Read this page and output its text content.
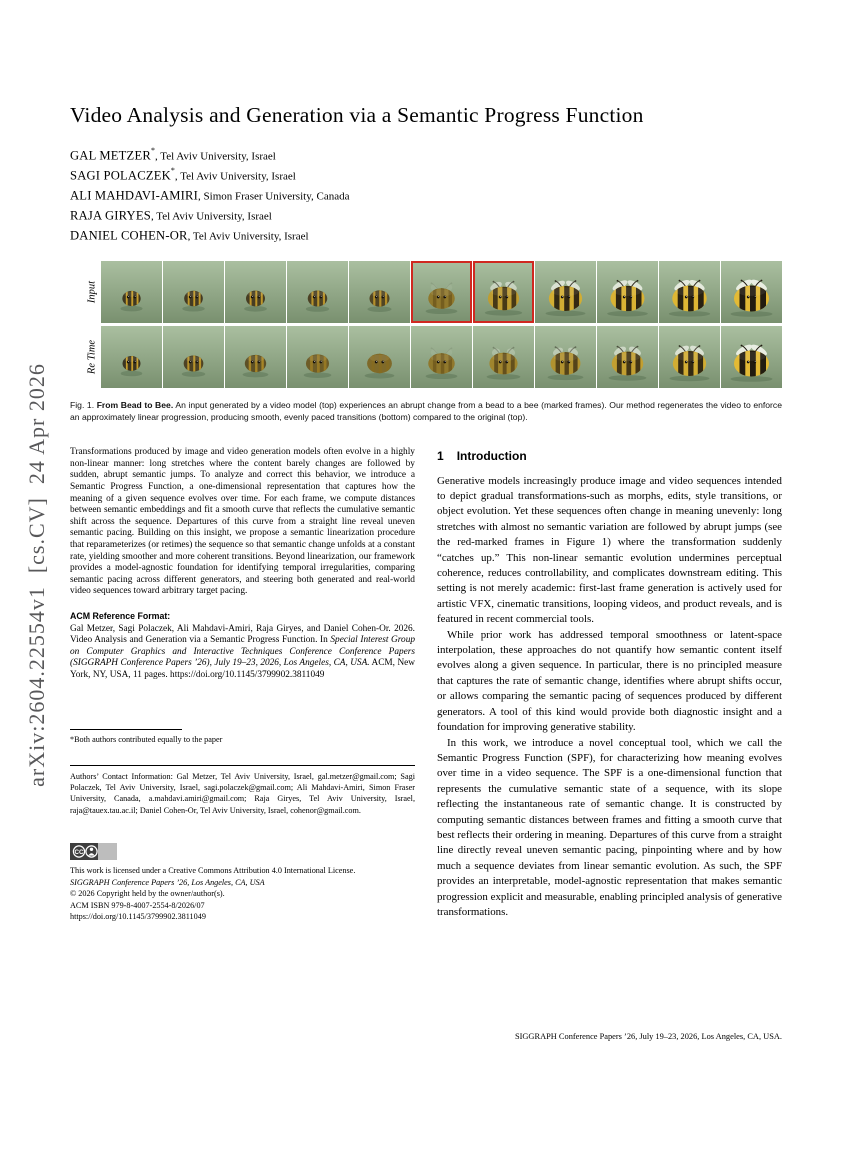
arXiv:2604.22554v1  [cs.CV]  24 Apr 2026
Video Analysis and Generation via a Semantic Progress Function
GAL METZER*, Tel Aviv University, Israel
SAGI POLACZEK*, Tel Aviv University, Israel
ALI MAHDAVI-AMIRI, Simon Fraser University, Canada
RAJA GIRYES, Tel Aviv University, Israel
DANIEL COHEN-OR, Tel Aviv University, Israel
Input
Re Time

Fig. 1. From Bead to Bee. An input generated by a video model (top) experiences an abrupt change from a bead to a bee (marked frames). Our method regenerates the video to enforce an approximately linear progression, producing smooth, evenly paced transitions (bottom) compared to the original (top).

Transformations produced by image and video generation models often evolve in a highly non-linear manner: long stretches where the content barely changes are followed by sudden, abrupt semantic jumps. To analyze and correct this behavior, we introduce a Semantic Progress Function, a one-dimensional representation that captures how the meaning of a given sequence evolves over time. For each frame, we compute distances between semantic embeddings and fit a smooth curve that reflects the cumulative semantic shift across the sequence. Departures of this curve from a straight line reveal uneven semantic pacing. Building on this insight, we propose a semantic linearization procedure that reparameterizes (or retimes) the sequence so that semantic change unfolds at a constant rate, yielding smoother and more coherent transitions. Beyond linearization, our framework provides a model-agnostic foundation for identifying temporal irregularities, comparing semantic pacing across different generators, and steering both generated and real-world video sequences toward arbitrary target pacing.

ACM Reference Format:

Gal Metzer, Sagi Polaczek, Ali Mahdavi-Amiri, Raja Giryes, and Daniel Cohen-Or. 2026. Video Analysis and Generation via a Semantic Progress Function. In Special Interest Group on Computer Graphics and Interactive Techniques Conference Conference Papers (SIGGRAPH Conference Papers ’26), July 19–23, 2026, Los Angeles, CA, USA. ACM, New York, NY, USA, 11 pages. https://doi.org/10.1145/3799902.3811049

*Both authors contributed equally to the paper

Authors’ Contact Information: Gal Metzer, Tel Aviv University, Israel, gal.metzer@gmail.com; Sagi Polaczek, Tel Aviv University, Israel, sagi.polaczek@gmail.com; Ali Mahdavi-Amiri, Simon Fraser University, Canada, a.mahdavi.amiri@gmail.com; Raja Giryes, Tel Aviv University, Israel, raja@tauex.tau.ac.il; Daniel Cohen-Or, Tel Aviv University, Israel, cohenor@gmail.com.

CC

This work is licensed under a Creative Commons Attribution 4.0 International License.

SIGGRAPH Conference Papers ’26, Los Angeles, CA, USA

© 2026 Copyright held by the owner/author(s).

ACM ISBN 979-8-4007-2554-8/2026/07

https://doi.org/10.1145/3799902.3811049

1 Introduction

Generative models increasingly produce image and video sequences intended to depict gradual transformations-such as morphs, edits, style transitions, or object evolution. Yet these sequences often change in meaning unevenly: long stretches with almost no semantic variation are followed by abrupt jumps (see the red-marked frames in Figure 1) where the transformation suddenly “catches up.” This non-linear semantic evolution undermines perceptual coherence, reduces controllability, and complicates downstream editing. This setting is not merely academic: first-last frame generation is actively used for artistic VFX, cinematic transitions, looping videos, and product reveals, and is featured in recent commercial tools.

While prior work has addressed temporal smoothness or latent-space interpolation, these approaches do not quantify how semantic content itself evolves along a given sequence. In particular, there is no principled measure that captures the rate of semantic change, identifies where abrupt shifts occur, or allows comparing the semantic pacing of sequences produced by different generators. A tool of this kind would provide both diagnostic insight and a foundation for improving generative stability.

In this work, we introduce a novel conceptual tool, which we call the Semantic Progress Function (SPF), for characterizing how meaning evolves over time in a video sequence. The SPF is a one-dimensional function that represents the cumulative semantic state of a sequence, with its slope reflecting the instantaneous rate of semantic change. It is constructed by computing semantic distances between frames and fitting a smooth curve that best reflects their ordering in meaning. Departures of this curve from a straight line directly reveal uneven semantic pacing, pinpointing where and by how much a sequence deviates from linear semantic evolution. As such, the SPF provides an interpretable, model-agnostic representation that makes semantic progression explicit and measurable, enabling principled analysis of generative transformations.

SIGGRAPH Conference Papers ’26, July 19–23, 2026, Los Angeles, CA, USA.
